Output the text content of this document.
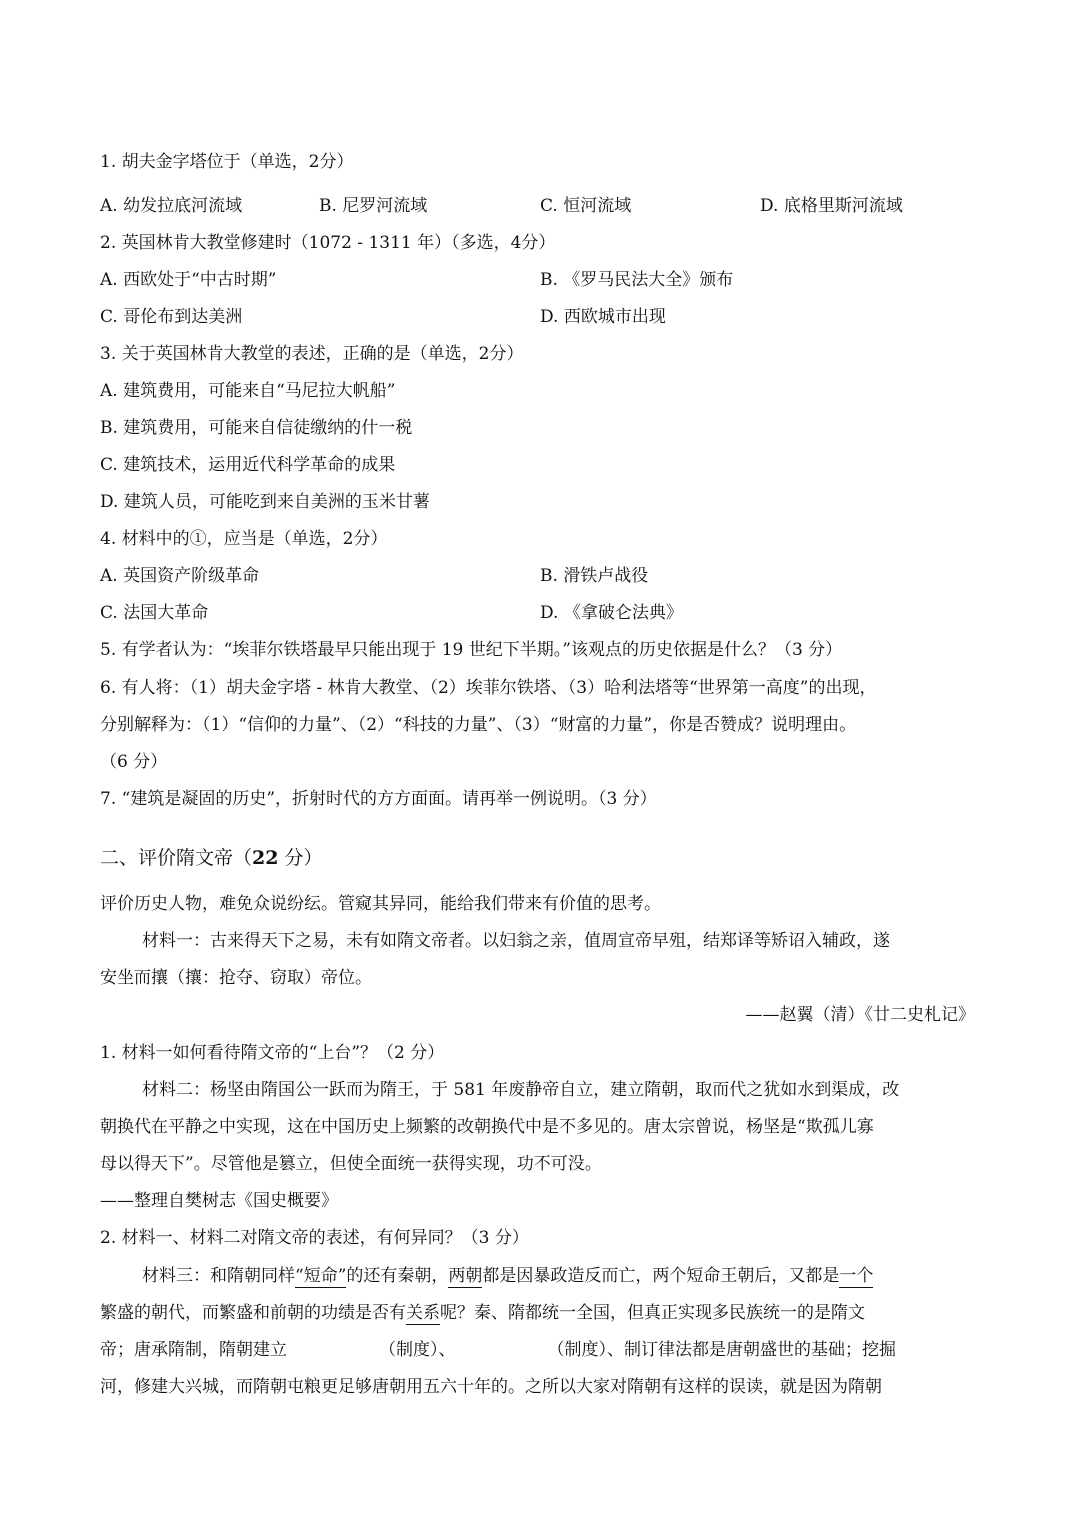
1. 胡夫金字塔位于（单选，2分）
A. 幼发拉底河流域	B. 尼罗河流域	C. 恒河流域	D. 底格里斯河流域
2. 英国林肯大教堂修建时（1072 - 1311 年）（多选，4分）
A. 西欧处于“中古时期”	B. 《罗马民法大全》颁布
C. 哥伦布到达美洲	D. 西欧城市出现
3. 关于英国林肯大教堂的表述，正确的是（单选，2分）
A. 建筑费用，可能来自“马尼拉大帆船”
B. 建筑费用，可能来自信徒缴纳的什一税
C. 建筑技术，运用近代科学革命的成果
D. 建筑人员，可能吃到来自美洲的玉米甘薯
4. 材料中的①，应当是（单选，2分）
A. 英国资产阶级革命	B. 滑铁卢战役
C. 法国大革命	D. 《拿破仑法典》
5. 有学者认为：“埃菲尔铁塔最早只能出现于 19 世纪下半期。”该观点的历史依据是什么？（3 分）
6. 有人将：（1）胡夫金字塔 - 林肯大教堂、（2）埃菲尔铁塔、（3）哈利法塔等“世界第一高度”的出现，
分别解释为：（1）“信仰的力量”、（2）“科技的力量”、（3）“财富的力量”，你是否赞成？说明理由。
（6 分）
7. “建筑是凝固的历史”，折射时代的方方面面。请再举一例说明。（3 分）
二、评价隋文帝（22 分）
评价历史人物，难免众说纷纭。管窥其异同，能给我们带来有价值的思考。
材料一：古来得天下之易，未有如隋文帝者。以妇翁之亲，值周宣帝早殂，结郑译等矫诏入辅政，遂
安坐而攘（攘：抢夺、窃取）帝位。
——赵翼（清）《廿二史札记》
1. 材料一如何看待隋文帝的“上台”？（2 分）
材料二：杨坚由隋国公一跃而为隋王，于 581 年废静帝自立，建立隋朝，取而代之犹如水到渠成，改
朝换代在平静之中实现，这在中国历史上频繁的改朝换代中是不多见的。唐太宗曾说，杨坚是“欺孤儿寡
母以得天下”。尽管他是篡立，但使全面统一获得实现，功不可没。
——整理自樊树志《国史概要》
2. 材料一、材料二对隋文帝的表述，有何异同？（3 分）
材料三：和隋朝同样“短命”的还有秦朝，两朝都是因暴政造反而亡，两个短命王朝后，又都是一个
繁盛的朝代，而繁盛和前朝的功绩是否有关系呢？秦、隋都统一全国，但真正实现多民族统一的是隋文
帝；唐承隋制，隋朝建立	（制度）、	（制度）、制订律法都是唐朝盛世的基础；挖掘
河，修建大兴城，而隋朝屯粮更足够唐朝用五六十年的。之所以大家对隋朝有这样的误读，就是因为隋朝
